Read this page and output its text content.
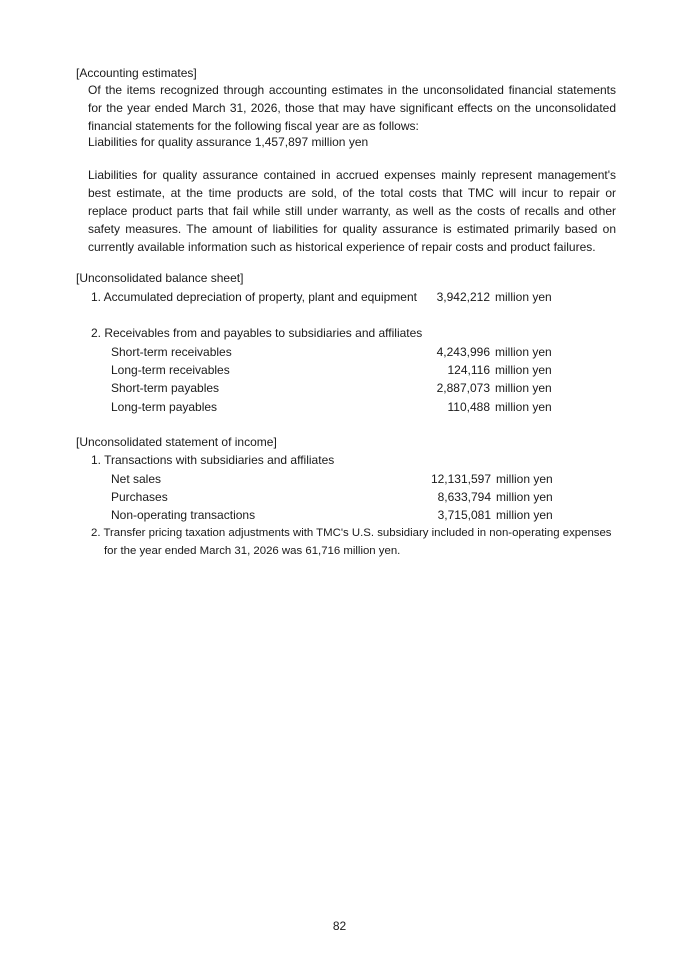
[Accounting estimates]
Of the items recognized through accounting estimates in the unconsolidated financial statements for the year ended March 31, 2026, those that may have significant effects on the unconsolidated financial statements for the following fiscal year are as follows:
Liabilities for quality assurance 1,457,897 million yen
Liabilities for quality assurance contained in accrued expenses mainly represent management's best estimate, at the time products are sold, of the total costs that TMC will incur to repair or replace product parts that fail while still under warranty, as well as the costs of recalls and other safety measures. The amount of liabilities for quality assurance is estimated primarily based on currently available information such as historical experience of repair costs and product failures.
[Unconsolidated balance sheet]
1. Accumulated depreciation of property, plant and equipment	3,942,212 million yen
2. Receivables from and payables to subsidiaries and affiliates
Short-term receivables	4,243,996 million yen
Long-term receivables	124,116 million yen
Short-term payables	2,887,073 million yen
Long-term payables	110,488 million yen
[Unconsolidated statement of income]
1. Transactions with subsidiaries and affiliates
Net sales	12,131,597 million yen
Purchases	8,633,794 million yen
Non-operating transactions	3,715,081 million yen
2. Transfer pricing taxation adjustments with TMC's U.S. subsidiary included in non-operating expenses
for the year ended March 31, 2026 was 61,716 million yen.
82
